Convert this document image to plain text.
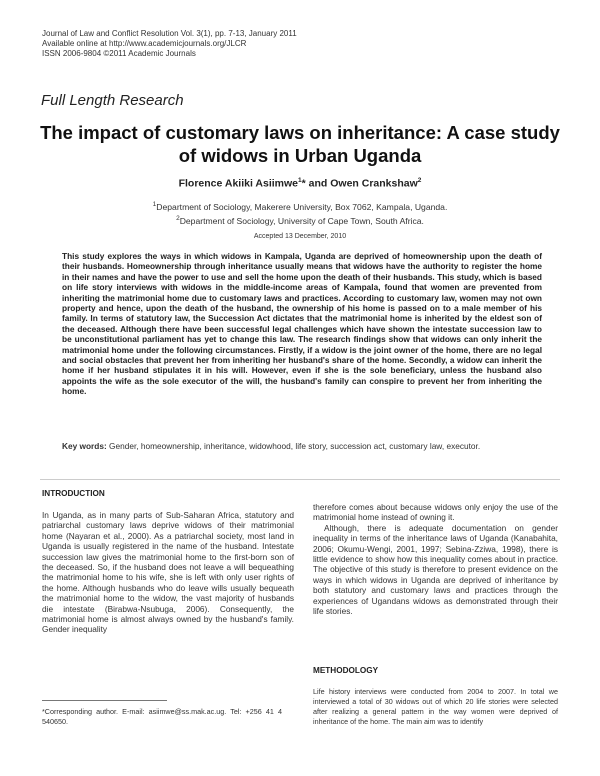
Journal of Law and Conflict Resolution Vol. 3(1), pp. 7-13, January 2011
Available online at http://www.academicjournals.org/JLCR
ISSN 2006-9804 ©2011 Academic Journals
Full Length Research
The impact of customary laws on inheritance: A case study of widows in Urban Uganda
Florence Akiiki Asiimwe$^1$* and Owen Crankshaw$^2$
$^1$Department of Sociology, Makerere University, Box 7062, Kampala, Uganda.
$^2$Department of Sociology, University of Cape Town, South Africa.
Accepted 13 December, 2010
This study explores the ways in which widows in Kampala, Uganda are deprived of homeownership upon the death of their husbands. Homeownership through inheritance usually means that widows have the authority to register the home in their names and have the power to use and sell the home upon the death of their husbands. This study, which is based on life story interviews with widows in the middle-income areas of Kampala, found that women are prevented from inheriting the matrimonial home due to customary laws and practices. According to customary law, women may not own property and hence, upon the death of the husband, the ownership of his home is passed on to a male member of his family. In terms of statutory law, the Succession Act dictates that the matrimonial home is inherited by the eldest son of the deceased. Although there have been successful legal challenges which have shown the intestate succession law to be unconstitutional parliament has yet to change this law. The research findings show that widows can only inherit the matrimonial home under the following circumstances. Firstly, if a widow is the joint owner of the home, there are no legal and social obstacles that prevent her from inheriting her husband's share of the home. Secondly, a widow can inherit the home if her husband stipulates it in his will. However, even if she is the sole beneficiary, unless the husband also appoints the wife as the sole executor of the will, the husband's family can conspire to prevent her from inheriting the home.
Key words: Gender, homeownership, inheritance, widowhood, life story, succession act, customary law, executor.
INTRODUCTION

In Uganda, as in many parts of Sub-Saharan Africa, statutory and patriarchal customary laws deprive widows of their matrimonial home (Nayaran et al., 2000). As a patriarchal society, most land in Uganda is usually registered in the name of the husband. Intestate succession law gives the matrimonial home to the first-born son of the deceased. So, if the husband does not leave a will bequeathing the matrimonial home to his wife, she is left with only user rights of the home. Although husbands who do leave wills usually bequeath the matrimonial home to the widow, the vast majority of husbands die intestate (Birabwa-Nsubuga, 2006). Consequently, the matrimonial home is almost always owned by the husband's family. Gender inequality

therefore comes about because widows only enjoy the use of the matrimonial home instead of owning it.

Although, there is adequate documentation on gender inequality in terms of the inheritance laws of Uganda (Kanabahita, 2006; Okumu-Wengi, 2001, 1997; Sebina-Zziwa, 1998), there is little evidence to show how this inequality comes about in practice. The objective of this study is therefore to present evidence on the ways in which widows in Uganda are deprived of inheritance by both statutory and customary laws and practices through the experiences of Ugandans widows as demonstrated through their life stories.

METHODOLOGY
Life history interviews were conducted from 2004 to 2007. In total we interviewed a total of 30 widows out of which 20 life stories were selected after realizing a general pattern in the way women were deprived of inheritance of the home. The main aim was to identify
*Corresponding author. E-mail: asiimwe@ss.mak.ac.ug. Tel: +256 41 4 540650.
